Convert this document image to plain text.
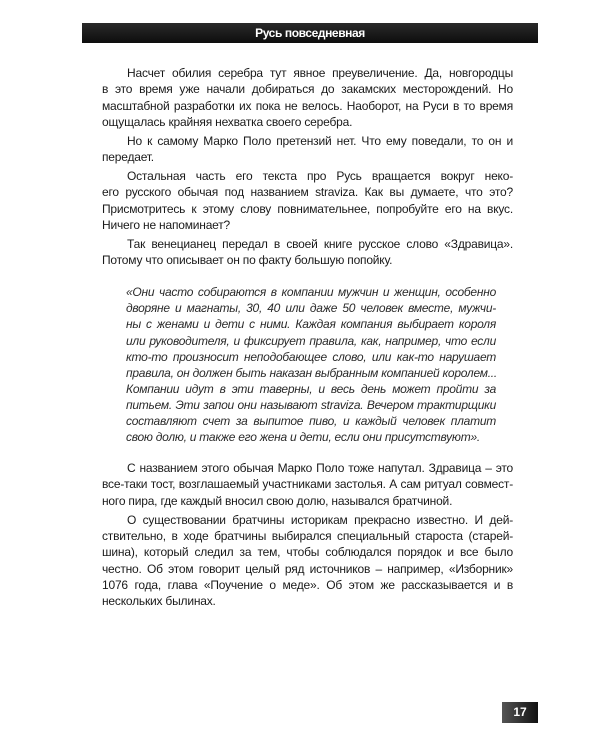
Русь повседневная
Насчет обилия серебра тут явное преувеличение. Да, новгородцы
в это время уже начали добираться до закамских месторождений. Но
масштабной разработки их пока не велось. Наоборот, на Руси в то время
ощущалась крайняя нехватка своего серебра.
Но к самому Марко Поло претензий нет. Что ему поведали, то он и
передает.
Остальная часть его текста про Русь вращается вокруг неко-
его русского обычая под названием straviza. Как вы думаете, что это?
Присмотритесь к этому слову повнимательнее, попробуйте его на вкус.
Ничего не напоминает?
Так венецианец передал в своей книге русское слово «Здравица».
Потому что описывает он по факту большую попойку.
«Они часто собираются в компании мужчин и женщин, особенно
дворяне и магнаты, 30, 40 или даже 50 человек вместе, мужчи-
ны с женами и дети с ними. Каждая компания выбирает короля
или руководителя, и фиксирует правила, как, например, что если
кто-то произносит неподобающее слово, или как-то нарушает
правила, он должен быть наказан выбранным компанией королем...
Компании идут в эти таверны, и весь день может пройти за
питьем. Эти запои они называют straviza. Вечером трактирщики
составляют счет за выпитое пиво, и каждый человек платит
свою долю, и также его жена и дети, если они присутствуют».
С названием этого обычая Марко Поло тоже напутал. Здравица – это
все-таки тост, возглашаемый участниками застолья. А сам ритуал совмест-
ного пира, где каждый вносил свою долю, назывался братчиной.
О существовании братчины историкам прекрасно известно. И дей-
ствительно, в ходе братчины выбирался специальный староста (старей-
шина), который следил за тем, чтобы соблюдался порядок и все было
честно. Об этом говорит целый ряд источников – например, «Изборник»
1076 года, глава «Поучение о меде». Об этом же рассказывается и в
нескольких былинах.
17
